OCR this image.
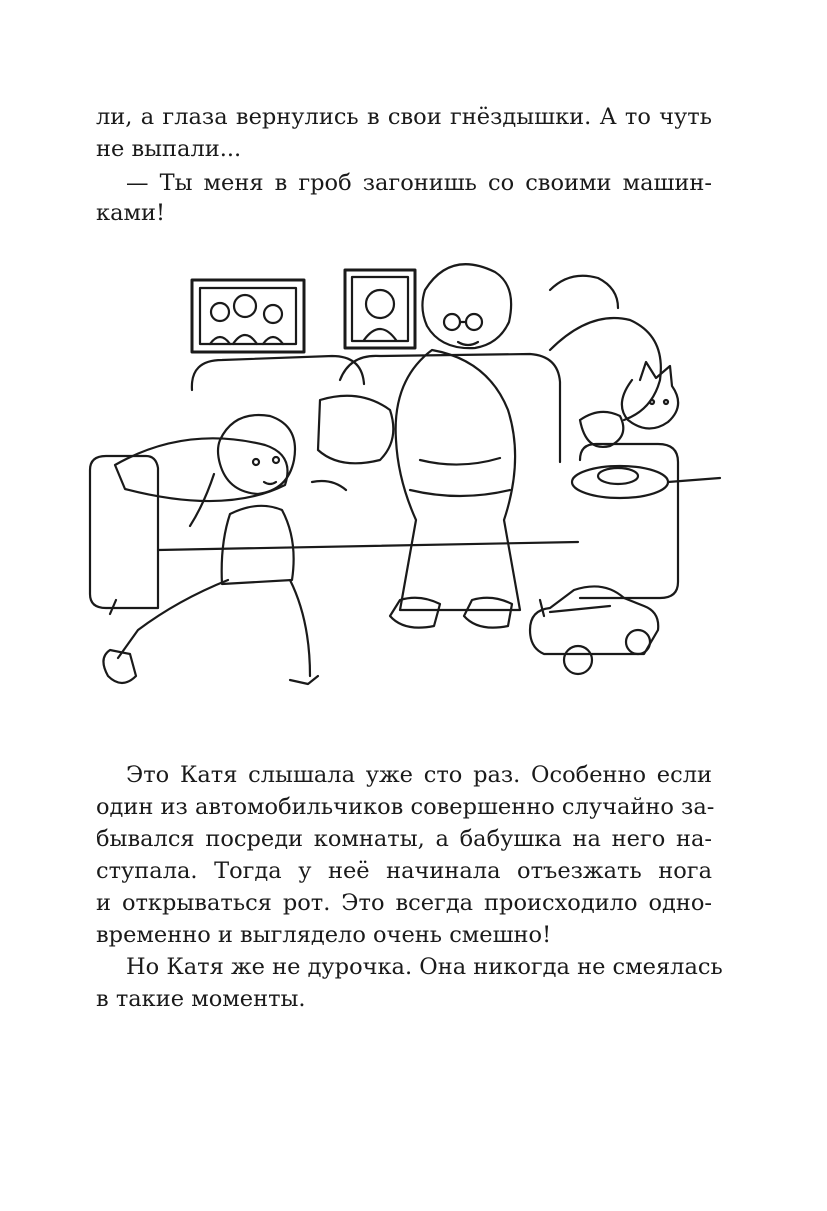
ли, а глаза вернулись в свои гнёздышки. А то чуть
не выпали...
— Ты меня в гроб загонишь со своими машин-
ками!
Это Катя слышала уже сто раз. Особенно если
один из автомобильчиков совершенно случайно за-
бывался посреди комнаты, а бабушка на него на-
ступала. Тогда у неё начинала отъезжать нога
и открываться рот. Это всегда происходило одно-
временно и выглядело очень смешно!
Но Катя же не дурочка. Она никогда не смеялась
в такие моменты.
